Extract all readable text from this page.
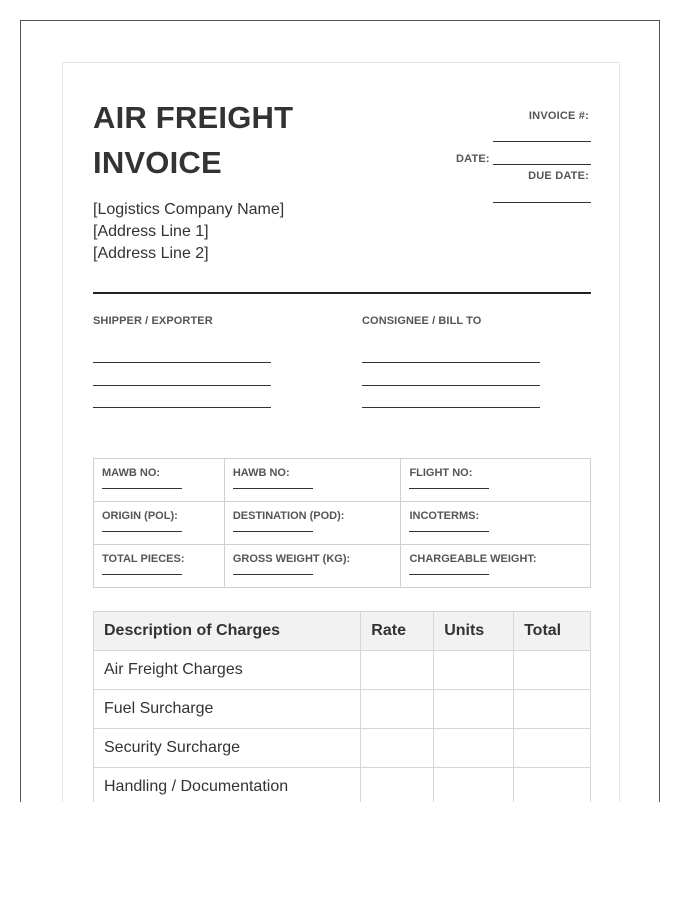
AIR FREIGHT
INVOICE
[Logistics Company Name]
[Address Line 1]
[Address Line 2]
INVOICE #:
DATE:
DUE DATE:
SHIPPER / EXPORTER	CONSIGNEE / BILL TO
MAWB NO:	HAWB NO:	FLIGHT NO:

ORIGIN (POL):	DESTINATION (POD):	INCOTERMS:

TOTAL PIECES:	GROSS WEIGHT (KG):	CHARGEABLE WEIGHT:
Description of Charges	Rate	Units	Total
Air Freight Charges			
Fuel Surcharge			
Security Surcharge			
Handling / Documentation			
